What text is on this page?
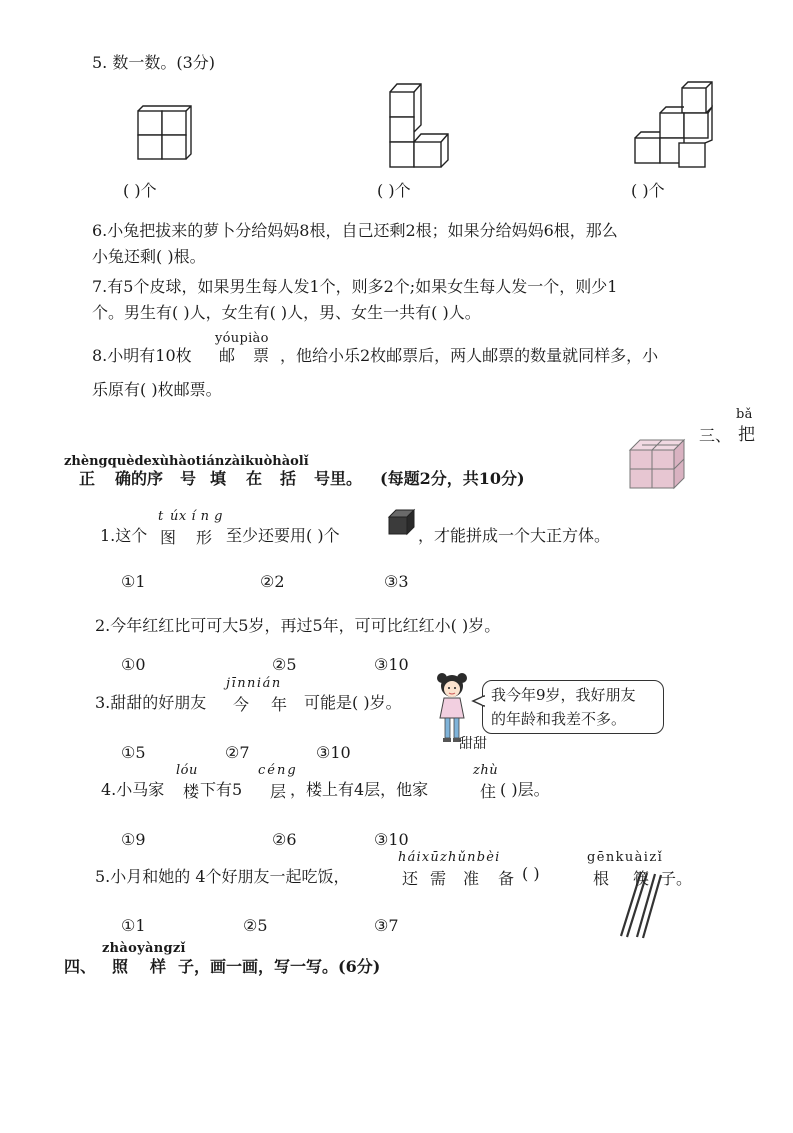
5. 数一数。(3分)
( )个	( )个	( )个
6.小兔把拔来的萝卜分给妈妈8根，自己还剩2根；如果分给妈妈6根，那么
小兔还剩( )根。
7.有5个皮球，如果男生每人发1个，则多2个;如果女生每人发一个，则少1
个。男生有( )人，女生有( )人，男、女生一共有( )人。
yóupiào
8.小明有10枚 邮 票 ，他给小乐2枚邮票后，两人邮票的数量就同样多，小
乐原有( )枚邮票。
bǎ
三、 把
zhèngquèdexùhàotiánzàikuòhàolǐ
正 确的序 号 填 在 括 号里。 (每题2分，共10分)
t úx í n g
1.这个 图 形 至少还要用( )个	，才能拼成一个大正方体。
①1	②2	③3
2.今年红红比可可大5岁，再过5年，可可比红红小( )岁。
①0	②5	③10
jīnnián
3.甜甜的好朋友 今 年 可能是( )岁。
甜甜
我今年9岁，我好朋友
的年龄和我差不多。
①5	②7	③10
lóu	céng	zhù
4.小马家 楼 下有5 层 ，楼上有4层，他家	住 ( )层。
①9	②6	③10
háixūzhǔnbèi	gēnkuàizǐ
5.小月和她的 4个好朋友一起吃饭，	还 需 准 备 ( )	根 筷 子。
①1	②5	③7
zhàoyàngzǐ
四、 照 样 子，画一画，写一写。(6分)
